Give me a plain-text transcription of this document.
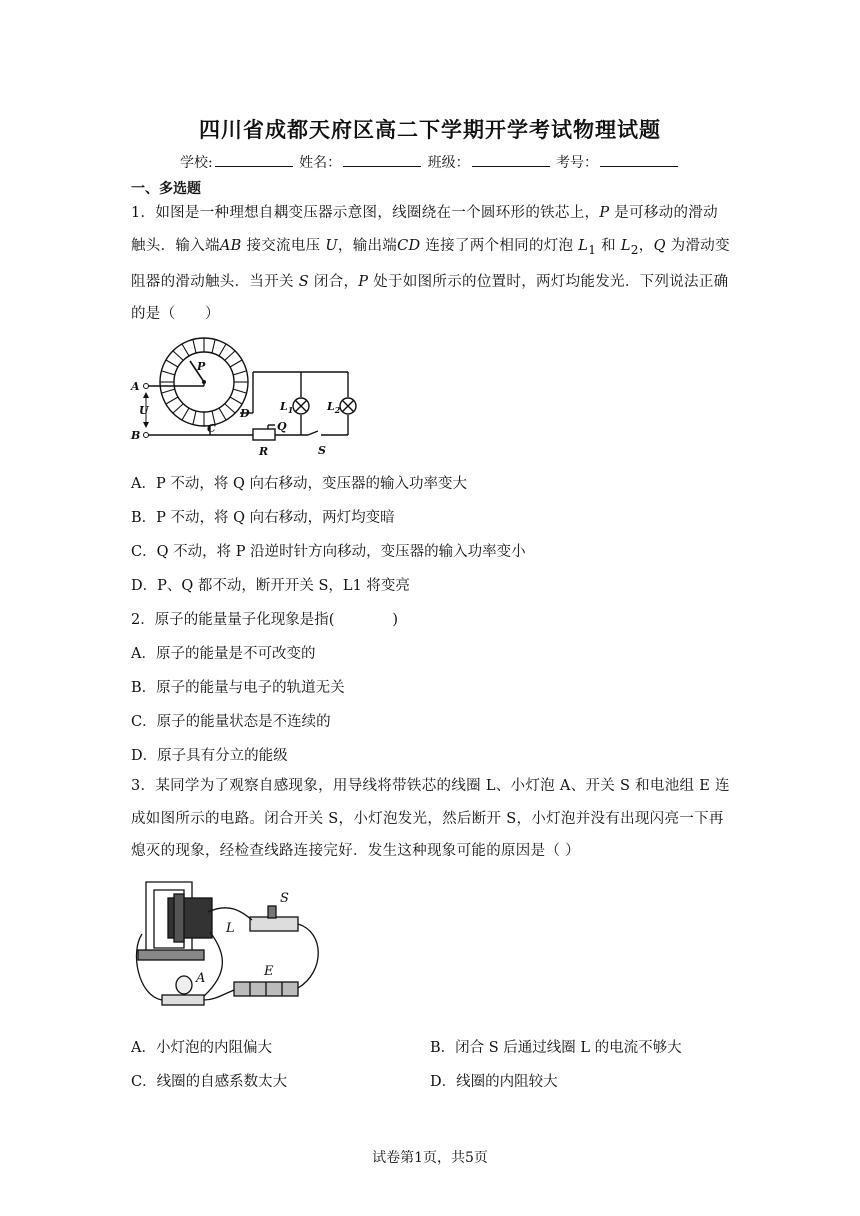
四川省成都天府区高二下学期开学考试物理试题
学校:	姓名：	班级：	考号：
一、多选题
1．如图是一种理想自耦变压器示意图，线圈绕在一个圆环形的铁芯上，P 是可移动的滑动触头．输入端AB 接交流电压 U，输出端CD 连接了两个相同的灯泡 $L_1$ 和 $L_2$，Q 为滑动变阻器的滑动触头．当开关 S 闭合，P 处于如图所示的位置时，两灯均能发光．下列说法正确的是（　　）
A
B
U
P
C
D
Q
R	S
$L_1$	$L_2$
A．P 不动，将 Q 向右移动，变压器的输入功率变大
B．P 不动，将 Q 向右移动，两灯均变暗
C．Q 不动，将 P 沿逆时针方向移动，变压器的输入功率变小
D．P、Q 都不动，断开开关 S，L1 将变亮
2．原子的能量量子化现象是指(　　　　)
A．原子的能量是不可改变的
B．原子的能量与电子的轨道无关
C．原子的能量状态是不连续的
D．原子具有分立的能级
3．某同学为了观察自感现象，用导线将带铁芯的线圈 L、小灯泡 A、开关 S 和电池组 E 连成如图所示的电路。闭合开关 S，小灯泡发光，然后断开 S，小灯泡并没有出现闪亮一下再熄灭的现象，经检查线路连接完好．发生这种现象可能的原因是（ ）
S
L
A	E
A．小灯泡的内阻偏大	B．闭合 S 后通过线圈 L 的电流不够大
C．线圈的自感系数太大	D．线圈的内阻较大
试卷第1页，共5页
